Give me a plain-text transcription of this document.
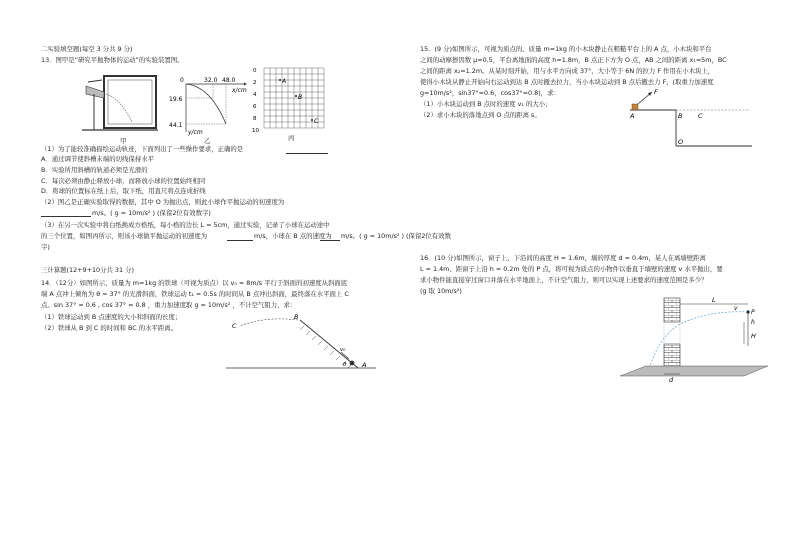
二实验填空题(每空 3 分共 9 分)
13．图甲是“研究平抛物体的运动”的实验装置图。
甲
0	32.0 48.0
x/cm
19.6
44.1
y/cm
乙
0
2
4
6
8
10
A
B
C
丙
（1）为了能较准确描绘运动轨迹，下面列出了一些操作要求，正确的是
A．通过调节使斜槽末端的切线保持水平
B．实验所用斜槽的轨道必须是光滑的
C．每次必须由静止释放小球，而释放小球的位置始终相同
D．将球的位置标在纸上后，取下纸，用直尺将点连成折线
（2）图乙是正确实验取得的数据，其中 O 为抛出点，则此小球作平抛运动的初速度为
m/s。( g = 10m/s² ) (保留2位有效数字)
（3）在另一次实验中将白纸换成方格纸，每小格的边长 L = 5cm，通过实验，记录了小球在运动途中
的三个位置，如图丙所示，则该小球做平抛运动的初速度为	m/s，小球在 B 点的速度为 m/s。( g = 10m/s² ) (保留2位有效数
字)
三计算题(12+9+10分共 31 分)
14．（12分）如图所示，质量为 m=1kg 的铁球（可视为质点）以 v₀ = 8m/s 平行于斜面的初速度从斜面底
端 A 点冲上倾角为 θ = 37° 的光滑斜面，铁球运动 t₁ = 0.5s 的时间从 B 点冲出斜面，最终落在水平面上 C
点。sin 37° = 0.6 , cos 37° = 0.8 ，重力加速度取 g = 10m/s² ，不计空气阻力，求：
（1）铁球运动到 B 点速度的大小和斜面的长度；
（2）铁球从 B 到 C 的时间和 BC 的水平距离。	C
B
v₀
A
θ
15．(9 分)如图所示，可视为质点的、质量 m=1kg 的小木块静止在粗糙平台上的 A 点，小木块和平台
之间的动摩擦因数 μ=0.5，平台离地面的高度 h=1.8m，B 点正下方为 O 点，AB 之间的距离 x₁=5m，BC
之间的距离 x₂=1.2m。从某时刻开始，用与水平方向成 37°，大小等于 6N 的拉力 F 作用在小木块上，
使得小木块从静止开始向右运动到达 B 点时撤去拉力，当小木块运动到 B 点后撤去力 F，(取重力加速度
g=10m/s²，sin37°=0.6，cos37°=0.8)，求：
（1）小木块运动到 B 点时的速度 v₁ 的大小；
（2）求小木块的落地点到 O 点的距离 s。
F
A	B C
O
16．(10 分)如图所示，窗子上、下沿间的高度 H = 1.6m，墙的厚度 d = 0.4m，某人在离墙壁距离
L = 1.4m、距窗子上沿 h = 0.2m 处的 P 点，将可视为质点的小物件以垂直于墙壁的速度 v 水平抛出，要
求小物件能直接穿过窗口并落在水平地面上，不计空气阻力，则可以实现上述要求的速度范围是多少？
(g 取 10m/s²)
L
v
P
h
H
d
